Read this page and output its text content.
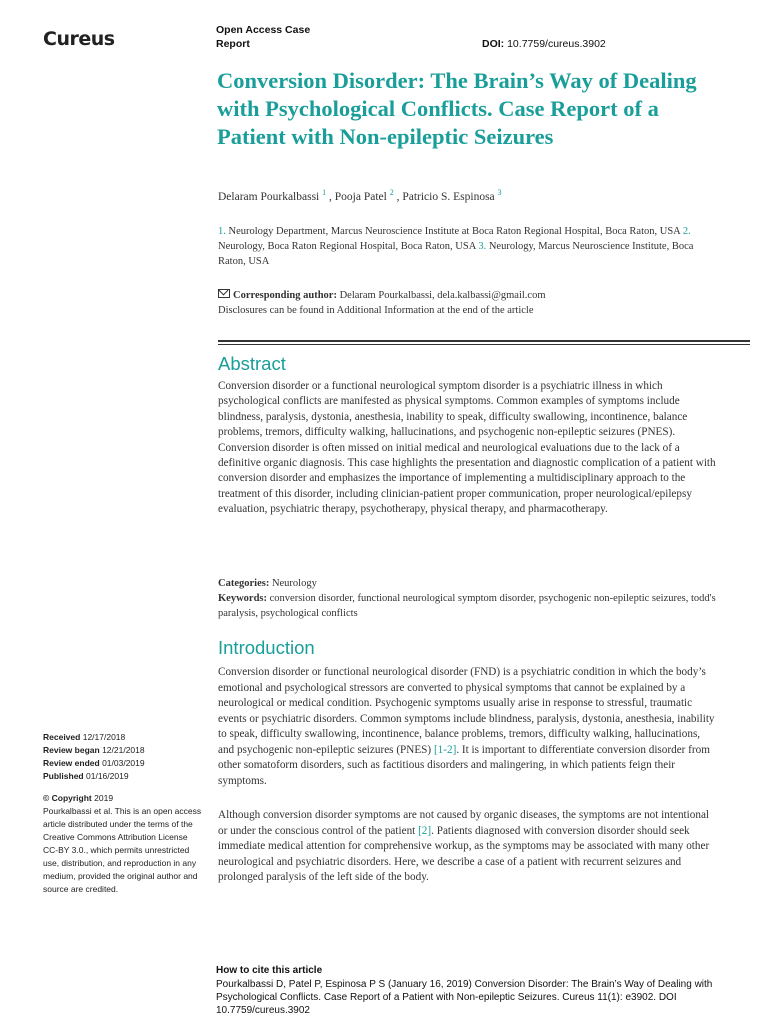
Cureus	Open Access Case
Report	DOI: 10.7759/cureus.3902
Conversion Disorder: The Brain’s Way of Dealing with Psychological Conflicts. Case Report of a Patient with Non-epileptic Seizures
Delaram Pourkalbassi $^1$ , Pooja Patel $^2$ , Patricio S. Espinosa $^3$
1. Neurology Department, Marcus Neuroscience Institute at Boca Raton Regional Hospital, Boca Raton, USA 2. Neurology, Boca Raton Regional Hospital, Boca Raton, USA 3. Neurology, Marcus Neuroscience Institute, Boca Raton, USA
Corresponding author: Delaram Pourkalbassi, dela.kalbassi@gmail.com
Disclosures can be found in Additional Information at the end of the article
Abstract
Conversion disorder or a functional neurological symptom disorder is a psychiatric illness in which psychological conflicts are manifested as physical symptoms. Common examples of symptoms include blindness, paralysis, dystonia, anesthesia, inability to speak, difficulty swallowing, incontinence, balance problems, tremors, difficulty walking, hallucinations, and psychogenic non-epileptic seizures (PNES). Conversion disorder is often missed on initial medical and neurological evaluations due to the lack of a definitive organic diagnosis. This case highlights the presentation and diagnostic complication of a patient with conversion disorder and emphasizes the importance of implementing a multidisciplinary approach to the treatment of this disorder, including clinician-patient proper communication, proper neurological/epilepsy evaluation, psychiatric therapy, psychotherapy, physical therapy, and pharmacotherapy.
Categories: Neurology
Keywords: conversion disorder, functional neurological symptom disorder, psychogenic non-epileptic seizures, todd's paralysis, psychological conflicts
Introduction
Conversion disorder or functional neurological disorder (FND) is a psychiatric condition in which the body’s emotional and psychological stressors are converted to physical symptoms that cannot be explained by a neurological or medical condition. Psychogenic symptoms usually arise in response to stressful, traumatic events or psychiatric disorders. Common symptoms include blindness, paralysis, dystonia, anesthesia, inability to speak, difficulty swallowing, incontinence, balance problems, tremors, difficulty walking, hallucinations, and psychogenic non-epileptic seizures (PNES) [1-2]. It is important to differentiate conversion disorder from other somatoform disorders, such as factitious disorders and malingering, in which patients feign their symptoms.
Although conversion disorder symptoms are not caused by organic diseases, the symptoms are not intentional or under the conscious control of the patient [2]. Patients diagnosed with conversion disorder should seek immediate medical attention for comprehensive workup, as the symptoms may be associated with many other neurological and psychiatric disorders. Here, we describe a case of a patient with recurrent seizures and prolonged paralysis of the left side of the body.
Received 12/17/2018
Review began 12/21/2018
Review ended 01/03/2019
Published 01/16/2019
© Copyright 2019
Pourkalbassi et al. This is an open access article distributed under the terms of the Creative Commons Attribution License CC-BY 3.0., which permits unrestricted use, distribution, and reproduction in any medium, provided the original author and source are credited.
How to cite this article
Pourkalbassi D, Patel P, Espinosa P S (January 16, 2019) Conversion Disorder: The Brain’s Way of Dealing with Psychological Conflicts. Case Report of a Patient with Non-epileptic Seizures. Cureus 11(1): e3902. DOI 10.7759/cureus.3902
